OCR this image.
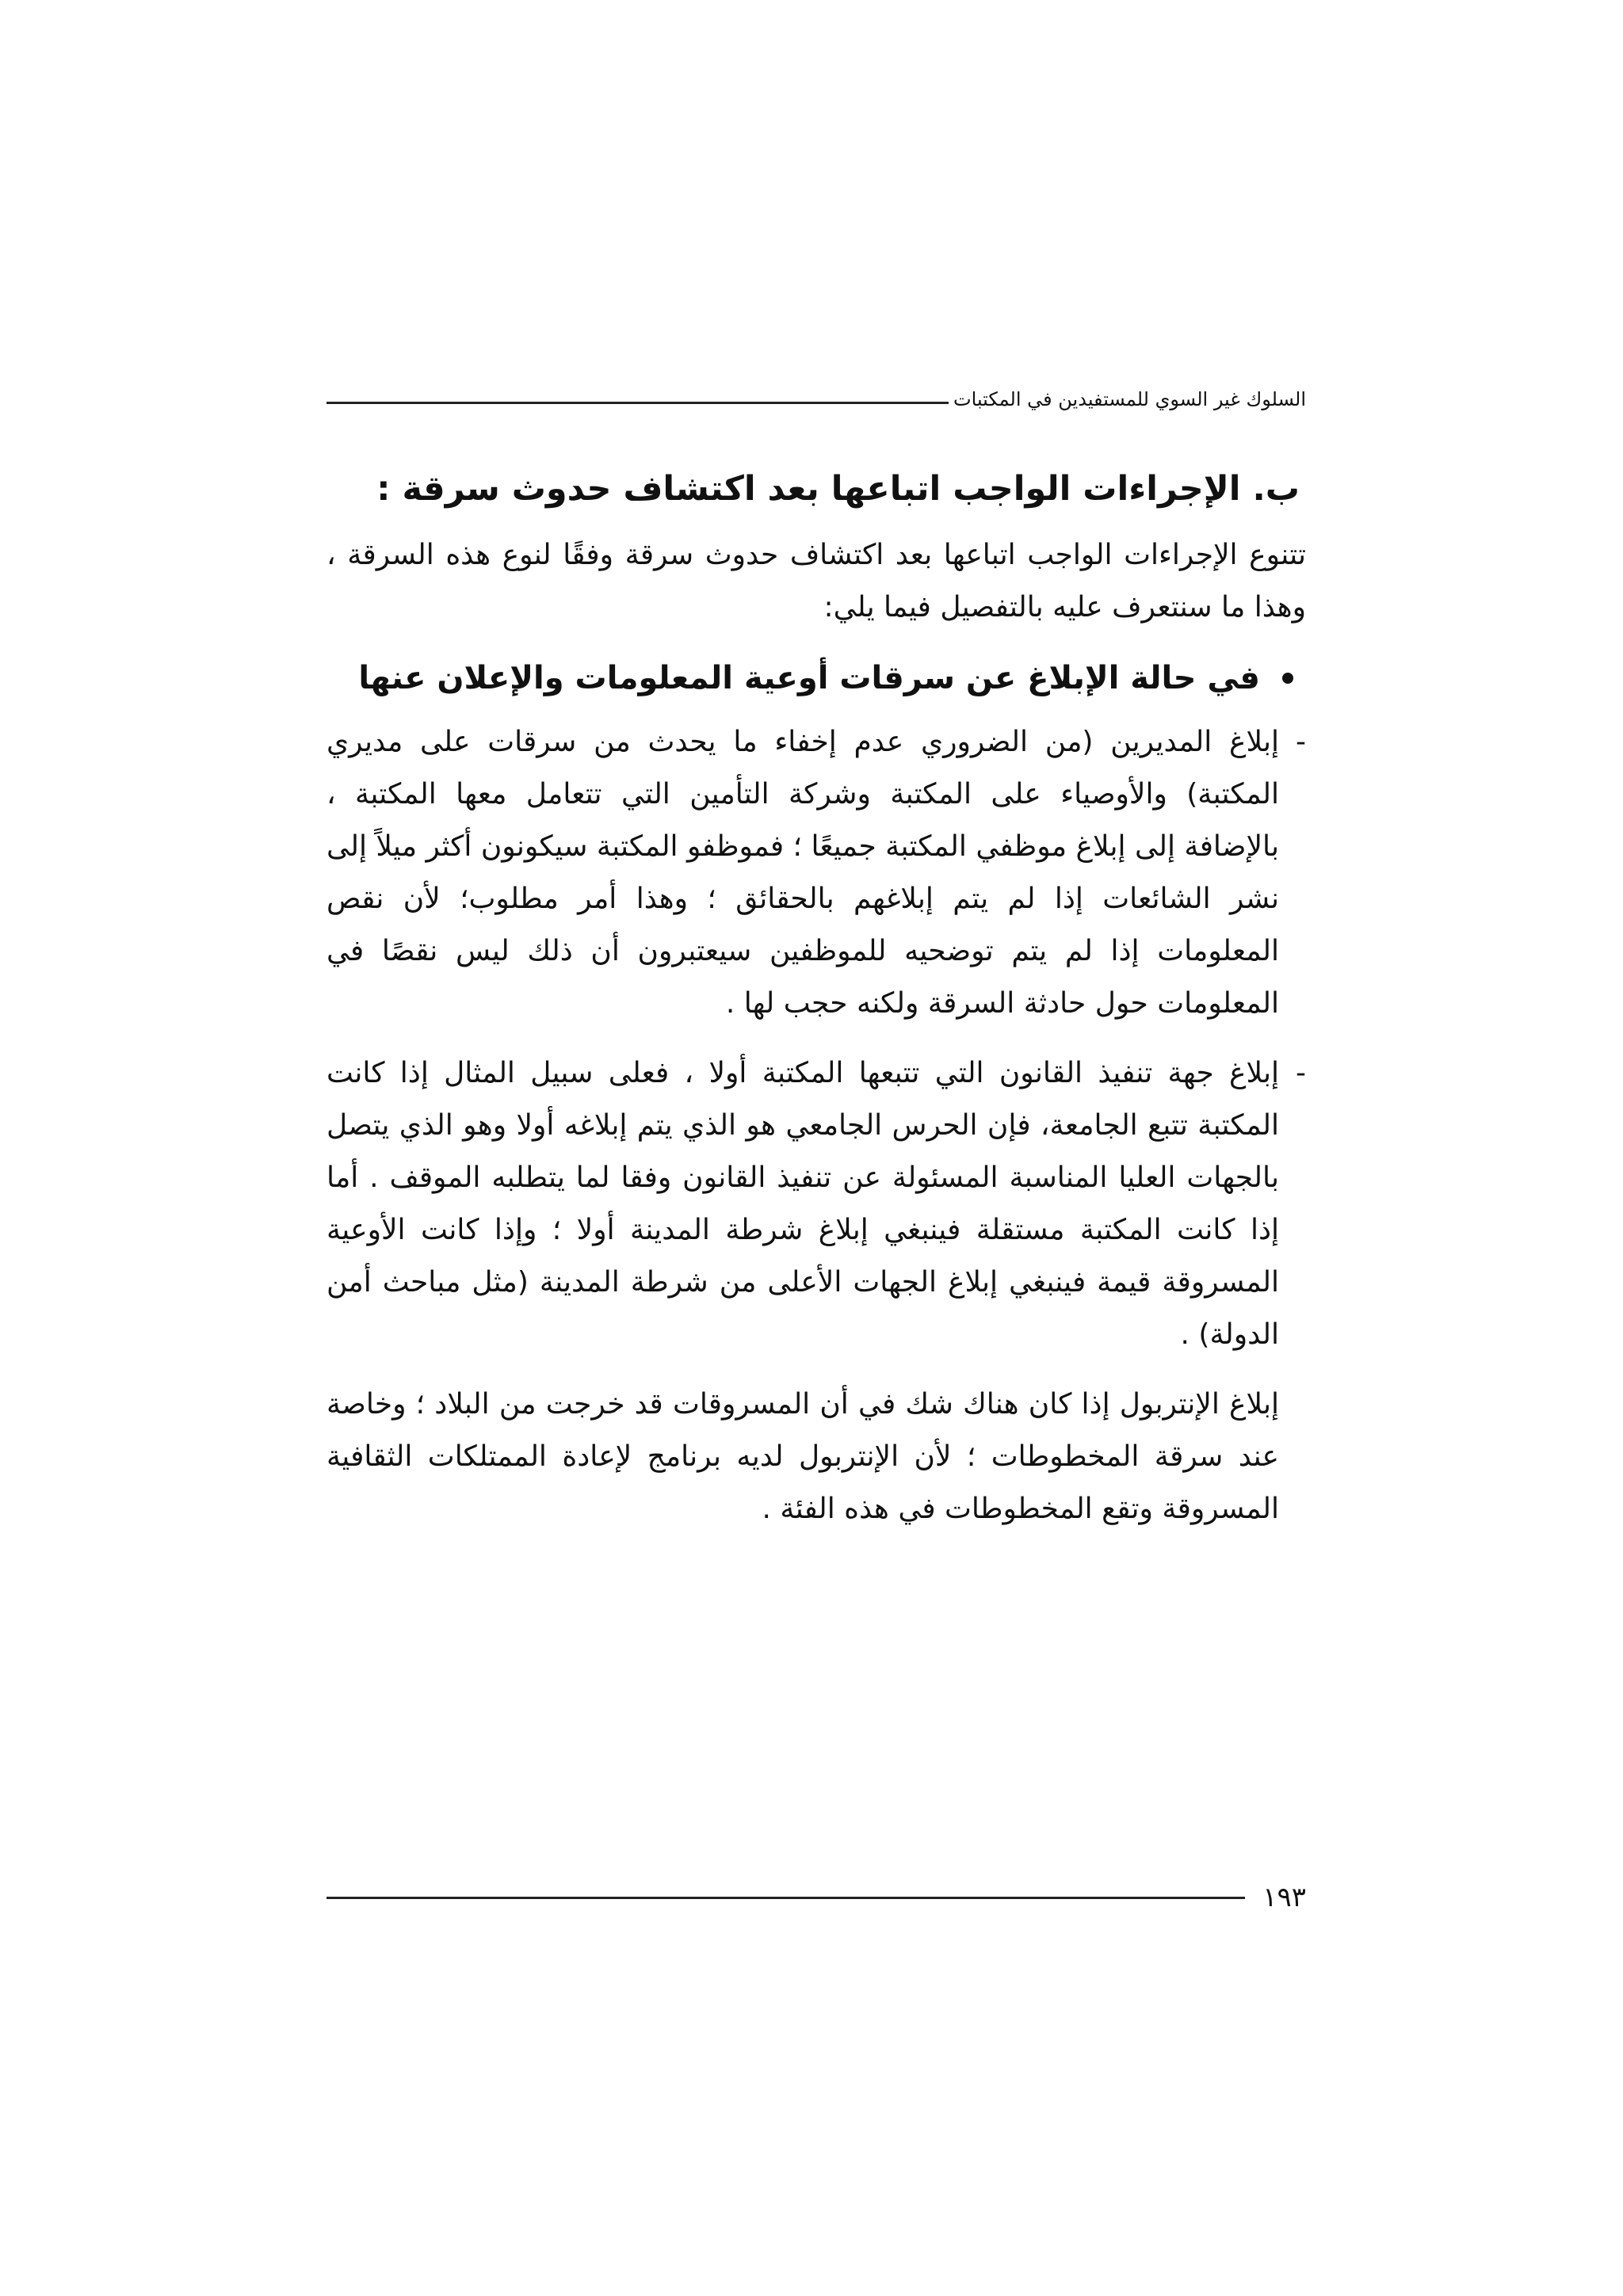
السلوك غير السوي للمستفيدين في المكتبات
ب. الإجراءات الواجب اتباعها بعد اكتشاف حدوث سرقة :

تتنوع الإجراءات الواجب اتباعها بعد اكتشاف حدوث سرقة وفقًا لنوع هذه السرقة ، وهذا ما سنتعرف عليه بالتفصيل فيما يلي:

في حالة الإبلاغ عن سرقات أوعية المعلومات والإعلان عنها
-

إبلاغ المديرين (من الضروري عدم إخفاء ما يحدث من سرقات على مديري المكتبة) والأوصياء على المكتبة وشركة التأمين التي تتعامل معها المكتبة ، بالإضافة إلى إبلاغ موظفي المكتبة جميعًا ؛ فموظفو المكتبة سيكونون أكثر ميلاً إلى نشر الشائعات إذا لم يتم إبلاغهم بالحقائق ؛ وهذا أمر مطلوب؛ لأن نقص المعلومات إذا لم يتم توضحيه للموظفين سيعتبرون أن ذلك ليس نقصًا في المعلومات حول حادثة السرقة ولكنه حجب لها .

-

إبلاغ جهة تنفيذ القانون التي تتبعها المكتبة أولا ، فعلى سبيل المثال إذا كانت المكتبة تتبع الجامعة، فإن الحرس الجامعي هو الذي يتم إبلاغه أولا وهو الذي يتصل بالجهات العليا المناسبة المسئولة عن تنفيذ القانون وفقا لما يتطلبه الموقف . أما إذا كانت المكتبة مستقلة فينبغي إبلاغ شرطة المدينة أولا ؛ وإذا كانت الأوعية المسروقة قيمة فينبغي إبلاغ الجهات الأعلى من شرطة المدينة (مثل مباحث أمن الدولة) .

إبلاغ الإنتربول إذا كان هناك شك في أن المسروقات قد خرجت من البلاد ؛ وخاصة عند سرقة المخطوطات ؛ لأن الإنتربول لديه برنامج لإعادة الممتلكات الثقافية المسروقة وتقع المخطوطات في هذه الفئة .

١٩٣
